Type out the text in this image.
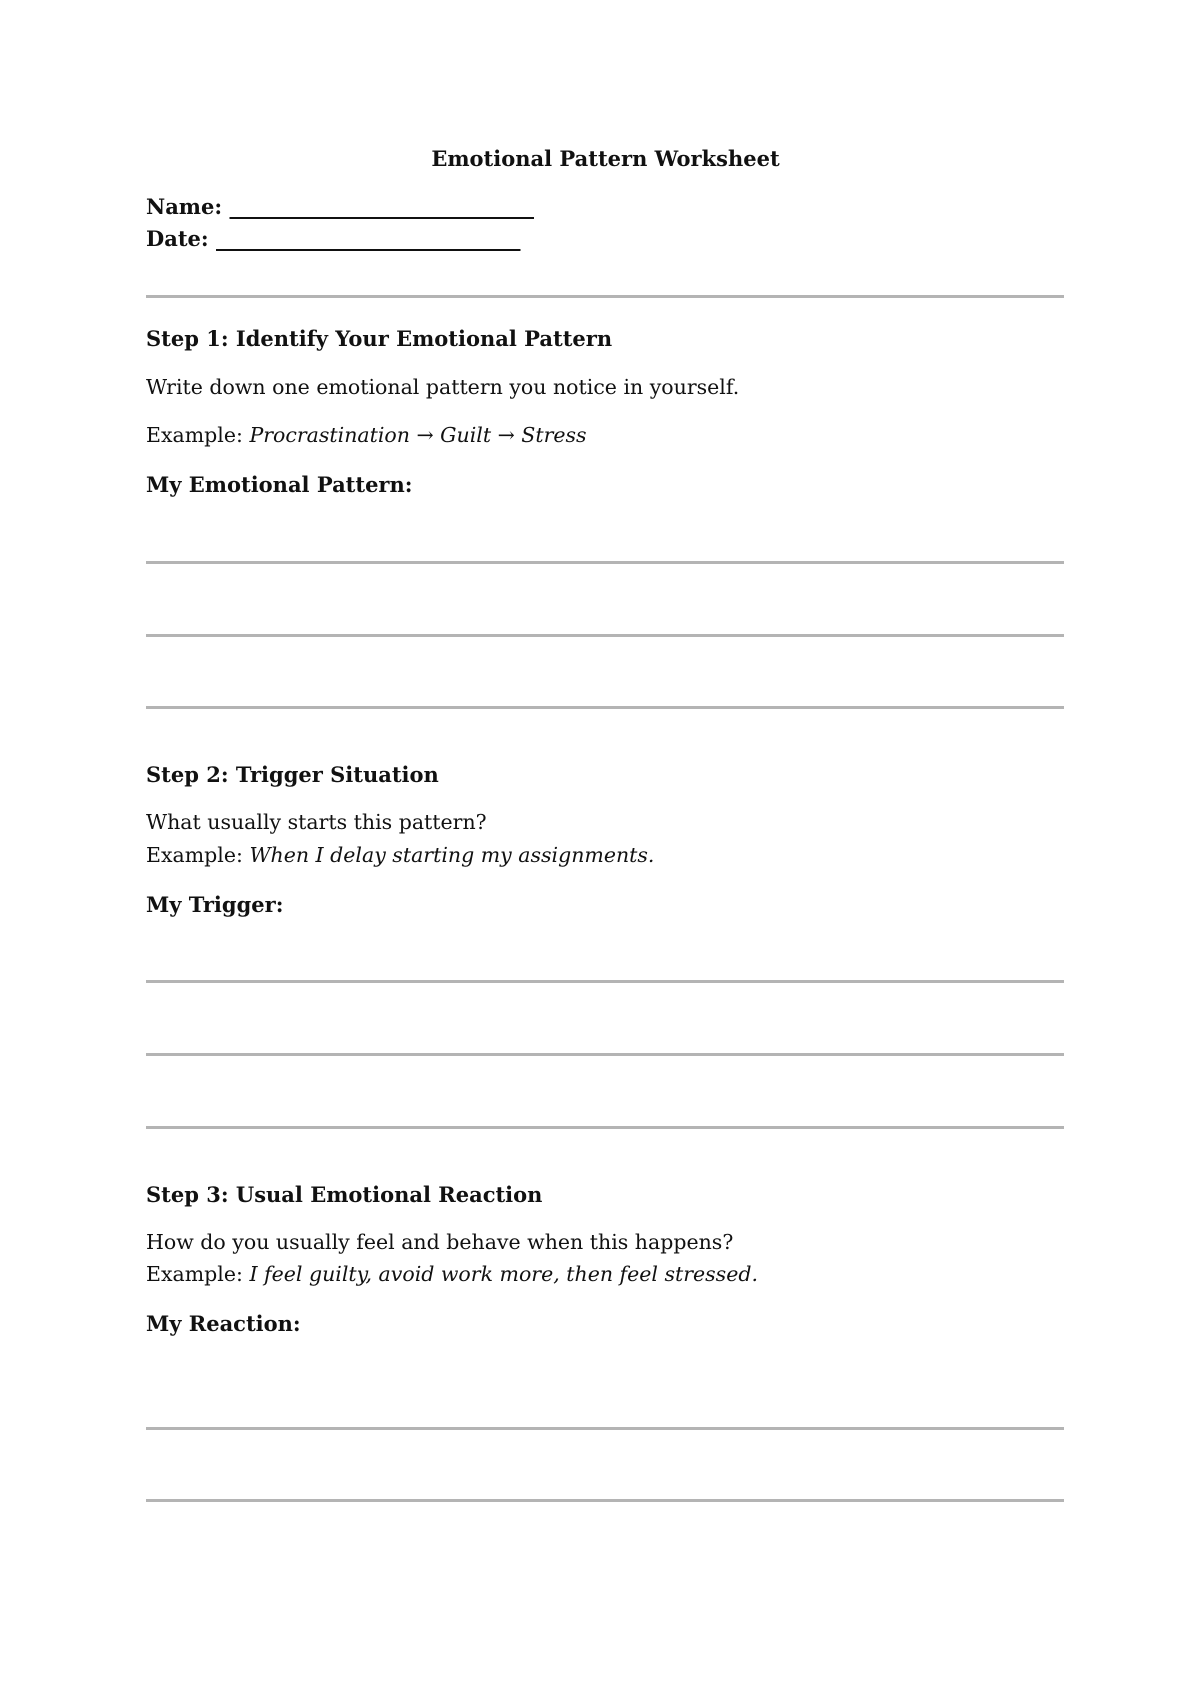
Emotional Pattern Worksheet
Name: _____________________________
Date: _____________________________
Step 1: Identify Your Emotional Pattern
Write down one emotional pattern you notice in yourself.
Example: Procrastination → Guilt → Stress
My Emotional Pattern:
Step 2: Trigger Situation
What usually starts this pattern?
Example: When I delay starting my assignments.
My Trigger:
Step 3: Usual Emotional Reaction
How do you usually feel and behave when this happens?
Example: I feel guilty, avoid work more, then feel stressed.
My Reaction:
